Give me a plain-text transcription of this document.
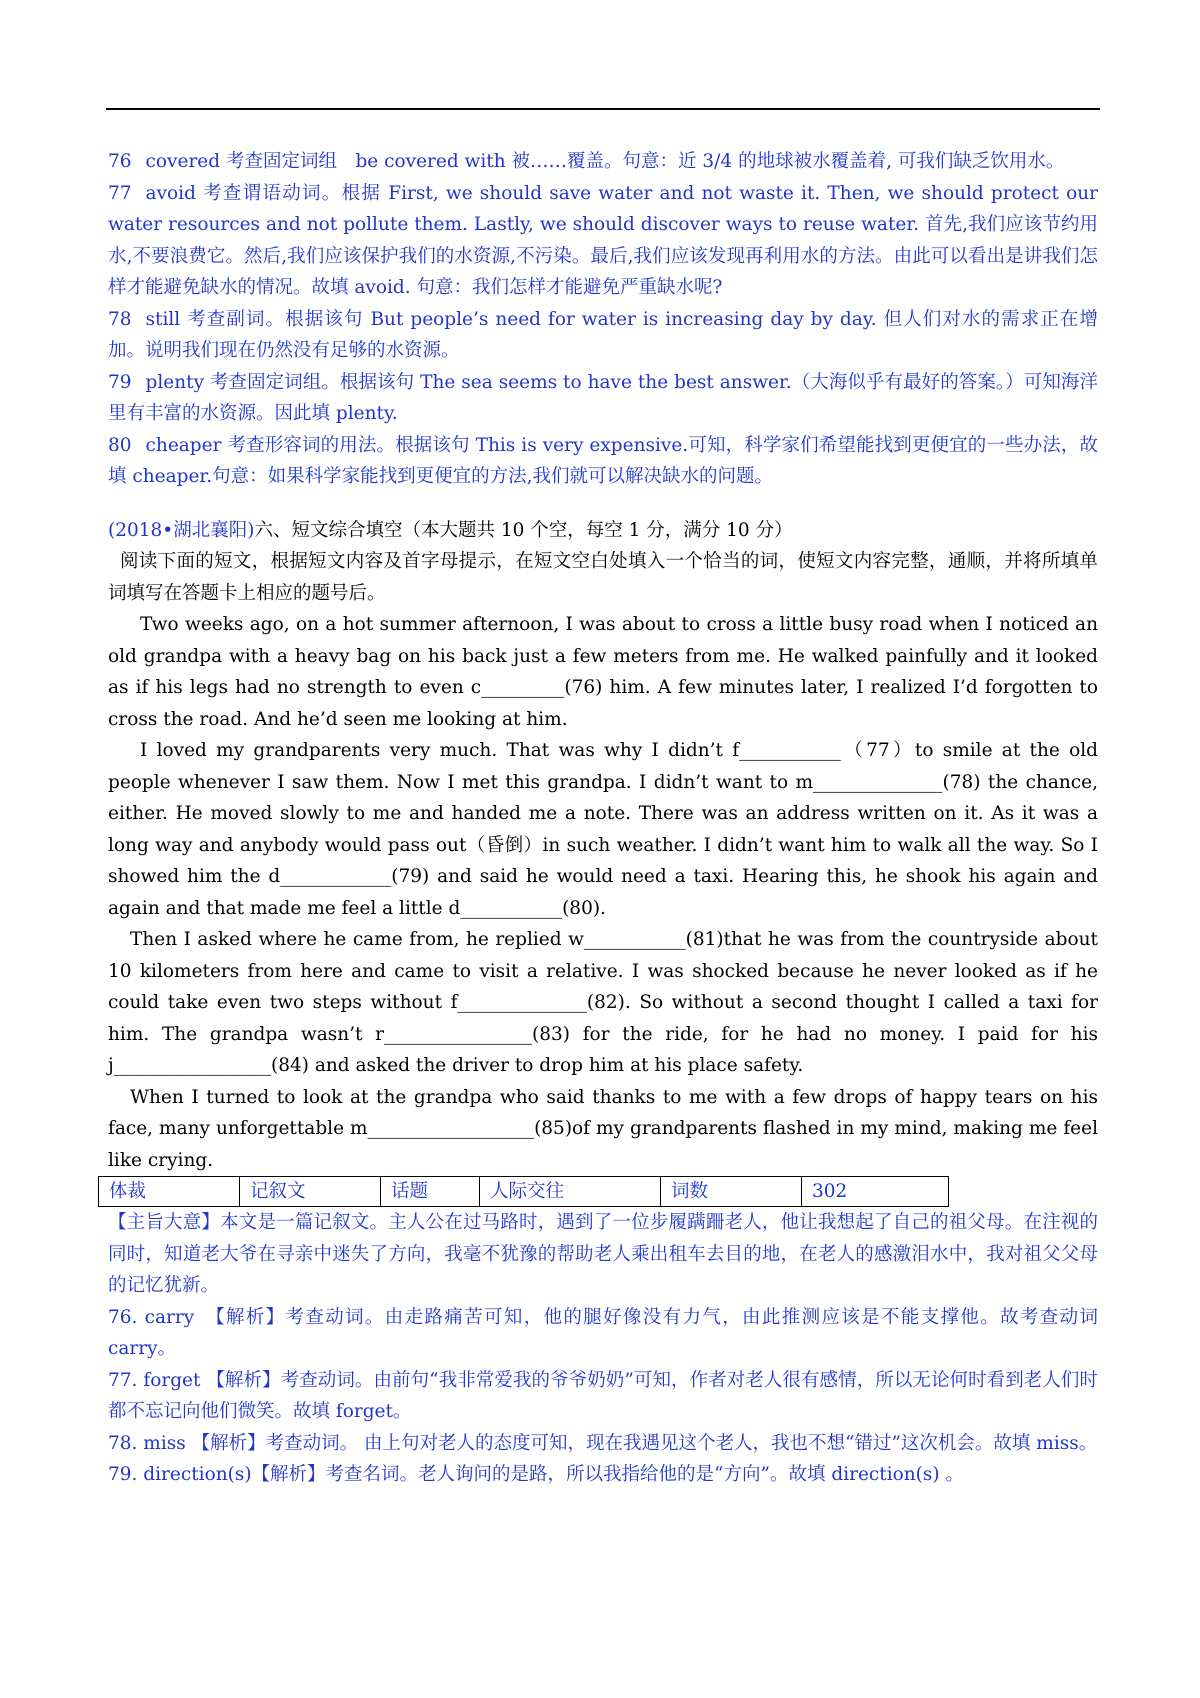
76 covered 考查固定词组　be covered with 被……覆盖。句意：近 3/4 的地球被水覆盖着, 可我们缺乏饮用水。

77 avoid 考查谓语动词。根据 First, we should save water and not waste it. Then, we should protect our water resources and not pollute them. Lastly, we should discover ways to reuse water. 首先,我们应该节约用水,不要浪费它。然后,我们应该保护我们的水资源,不污染。最后,我们应该发现再利用水的方法。由此可以看出是讲我们怎样才能避免缺水的情况。故填 avoid. 句意：我们怎样才能避免严重缺水呢?

78 still 考查副词。根据该句 But people’s need for water is increasing day by day. 但人们对水的需求正在增加。说明我们现在仍然没有足够的水资源。

79 plenty 考查固定词组。根据该句 The sea seems to have the best answer.（大海似乎有最好的答案。）可知海洋里有丰富的水资源。因此填 plenty.

80 cheaper 考查形容词的用法。根据该句 This is very expensive.可知，科学家们希望能找到更便宜的一些办法，故填 cheaper.句意：如果科学家能找到更便宜的方法,我们就可以解决缺水的问题。

(2018•湖北襄阳)六、短文综合填空（本大题共 10 个空，每空 1 分，满分 10 分）

阅读下面的短文，根据短文内容及首字母提示，在短文空白处填入一个恰当的词，使短文内容完整，通顺，并将所填单词填写在答题卡上相应的题号后。

Two weeks ago, on a hot summer afternoon, I was about to cross a little busy road when I noticed an old grandpa with a heavy bag on his back just a few meters from me. He walked painfully and it looked as if his legs had no strength to even c_________(76) him. A few minutes later, I realized I’d forgotten to cross the road. And he’d seen me looking at him.

I loved my grandparents very much. That was why I didn’t f___________（77）to smile at the old people whenever I saw them. Now I met this grandpa. I didn’t want to m______________(78) the chance, either. He moved slowly to me and handed me a note. There was an address written on it. As it was a long way and anybody would pass out（昏倒）in such weather. I didn’t want him to walk all the way. So I showed him the d____________(79) and said he would need a taxi. Hearing this, he shook his again and again and that made me feel a little d___________(80).

Then I asked where he came from, he replied w___________(81)that he was from the countryside about 10 kilometers from here and came to visit a relative. I was shocked because he never looked as if he could take even two steps without f______________(82). So without a second thought I called a taxi for him. The grandpa wasn’t r________________(83) for the ride, for he had no money. I paid for his j_________________(84) and asked the driver to drop him at his place safety.

When I turned to look at the grandpa who said thanks to me with a few drops of happy tears on his face, many unforgettable m__________________(85)of my grandparents flashed in my mind, making me feel like crying.

体裁	记叙文	话题	人际交往	词数	302

【主旨大意】本文是一篇记叙文。主人公在过马路时，遇到了一位步履蹒跚老人，他让我想起了自己的祖父母。在注视的同时，知道老大爷在寻亲中迷失了方向，我毫不犹豫的帮助老人乘出租车去目的地，在老人的感激泪水中，我对祖父父母的记忆犹新。

76. carry　【解析】考查动词。由走路痛苦可知，他的腿好像没有力气，由此推测应该是不能支撑他。故考查动词 carry。

77. forget 【解析】考查动词。由前句“我非常爱我的爷爷奶奶”可知，作者对老人很有感情，所以无论何时看到老人们时都不忘记向他们微笑。故填 forget。

78. miss 【解析】考查动词。 由上句对老人的态度可知，现在我遇见这个老人，我也不想“错过”这次机会。故填 miss。

79. direction(s)【解析】考查名词。老人询问的是路，所以我指给他的是“方向”。故填 direction(s) 。
